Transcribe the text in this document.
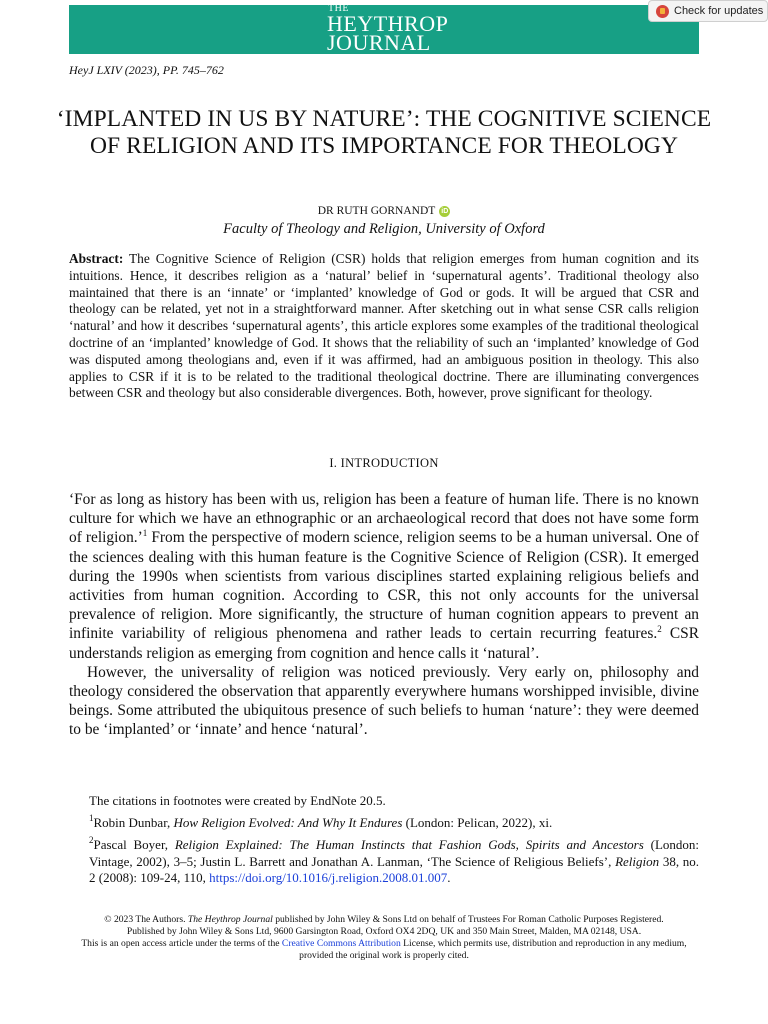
THE
HEYTHROP
JOURNAL
Check for updates
HeyJ LXIV (2023), PP. 745–762
‘IMPLANTED IN US BY NATURE’: THE COGNITIVE SCIENCE OF RELIGION AND ITS IMPORTANCE FOR THEOLOGY
DR RUTH GORNANDT iD
Faculty of Theology and Religion, University of Oxford
Abstract: The Cognitive Science of Religion (CSR) holds that religion emerges from human cognition and its intuitions. Hence, it describes religion as a ‘natural’ belief in ‘supernatural agents’. Traditional theology also maintained that there is an ‘innate’ or ‘implanted’ knowledge of God or gods. It will be argued that CSR and theology can be related, yet not in a straightforward manner. After sketching out in what sense CSR calls religion ‘natural’ and how it describes ‘supernatural agents’, this article explores some examples of the traditional theological doctrine of an ‘implanted’ knowledge of God. It shows that the reliability of such an ‘implanted’ knowledge of God was disputed among theologians and, even if it was affirmed, had an ambiguous position in theology. This also applies to CSR if it is to be related to the traditional theological doctrine. There are illuminating convergences between CSR and theology but also considerable divergences. Both, however, prove significant for theology.
I. INTRODUCTION

‘For as long as history has been with us, religion has been a feature of human life. There is no known culture for which we have an ethnographic or an archaeological record that does not have some form of religion.’$^1$ From the perspective of modern science, religion seems to be a human universal. One of the sciences dealing with this human feature is the Cognitive Science of Religion (CSR). It emerged during the 1990s when scientists from various disciplines started explaining religious beliefs and activities from human cognition. According to CSR, this not only accounts for the universal prevalence of religion. More significantly, the structure of human cognition appears to prevent an infinite variability of religious phenomena and rather leads to certain recurring features.$^2$ CSR understands religion as emerging from cognition and hence calls it ‘natural’.

However, the universality of religion was noticed previously. Very early on, philosophy and theology considered the observation that apparently everywhere humans worshipped invisible, divine beings. Some attributed the ubiquitous presence of such beliefs to human ‘nature’: they were deemed to be ‘implanted’ or ‘innate’ and hence ‘natural’.

The citations in footnotes were created by EndNote 20.5.
$^1$Robin Dunbar, How Religion Evolved: And Why It Endures (London: Pelican, 2022), xi.
$^2$Pascal Boyer, Religion Explained: The Human Instincts that Fashion Gods, Spirits and Ancestors (London: Vintage, 2002), 3–5; Justin L. Barrett and Jonathan A. Lanman, ‘The Science of Religious Beliefs’, Religion 38, no. 2 (2008): 109-24, 110, https://doi.org/10.1016/j.religion.2008.01.007.
© 2023 The Authors. The Heythrop Journal published by John Wiley & Sons Ltd on behalf of Trustees For Roman Catholic Purposes Registered.
Published by John Wiley & Sons Ltd, 9600 Garsington Road, Oxford OX4 2DQ, UK and 350 Main Street, Malden, MA 02148, USA.
This is an open access article under the terms of the Creative Commons Attribution License, which permits use, distribution and reproduction in any medium, provided the original work is properly cited.
